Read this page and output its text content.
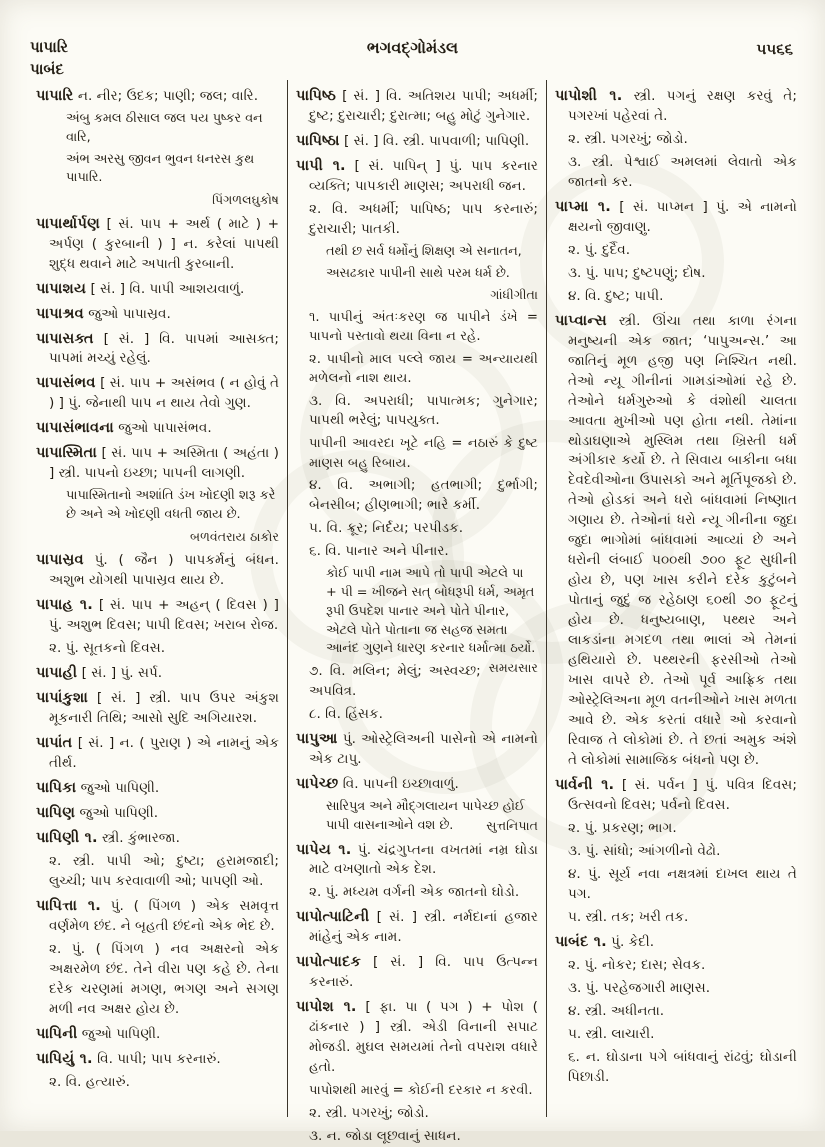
પાપારિ
પાબંદ
ભગવદ્ગોમંડલ	૫૫૬૬

પાપારિ ન. નીર; ઉદક; પાણી; જલ; વારિ.

અંબુ કમલ ઠીસાલ જલ પય પુષ્કર વન વારિ,

અંભ અરસુ જીવન ભુવન ધનરસ કુથ પાપારિ.

પિંગળલઘુકોષ

પાપાર્થાર્પણ [ સં. પાપ + અર્થ ( માટે ) + અર્પણ ( કુરબાની ) ] ન. કરેલાં પાપથી શુદ્ધ થવાને માટે અપાતી કુરબાની.

પાપાશય [ સં. ] વિ. પાપી આશયવાળું.

પાપાશ્રવ જુઓ પાપાસ્રવ.

પાપાસક્ત [ સં. ] વિ. પાપમાં આસક્ત; પાપમાં મચ્યું રહેલું.

પાપાસંભવ [ સં. પાપ + અસંભવ ( ન હોવું તે ) ] પું. જેનાથી પાપ ન થાય તેવો ગુણ.

પાપાસંભાવના જુઓ પાપાસંભવ.

પાપાસ્મિતા [ સં. પાપ + અસ્મિતા ( અહંતા ) ] સ્ત્રી. પાપનો ઇચ્છા; પાપની લાગણી.

પાપાસ્મિતાનો અશાંતિ ડંખ ખોદણી શરૂ કરે છે અને એ ખોદણી વધતી જાય છે.

બળવંતરાય ઠાકોર

પાપાસ્રવ પું. ( જૈન ) પાપકર્મનું બંધન. અશુભ યોગથી પાપાસ્રવ થાય છે.

પાપાહ ૧. [ સં. પાપ + અહન્ ( દિવસ ) ] પું. અશુભ દિવસ; પાપી દિવસ; ખરાબ રોજ.

૨. પું. સૂતકનો દિવસ.

પાપાહી [ સં. ] પું. સર્પ.

પાપાંકુશા [ સં. ] સ્ત્રી. પાપ ઉપર અંકુશ મૂકનારી તિથિ; આસો સુદિ અગિયારશ.

પાપાંત [ સં. ] ન. ( પુરાણ ) એ નામનું એક તીર્થ.

પાપિકા જુઓ પાપિણી.

પાપિણ જુઓ પાપિણી.

પાપિણી ૧. સ્ત્રી. કુંભારજા.

૨. સ્ત્રી. પાપી ઓ; દુષ્ટા; હરામજાદી; લુચ્ચી; પાપ કરવાવાળી ઓ; પાપણી ઓ.

પાપિત્તા ૧. પું. ( પિંગળ ) એક સમવૃત્ત વર્ણમેળ છંદ. ને બૃહતી છંદનો એક ભેદ છે.

૨. પું. ( પિંગળ ) નવ અક્ષરનો એક અક્ષરમેળ છંદ. તેને વીરા પણ કહે છે. તેના દરેક ચરણમાં મગણ, ભગણ અને સગણ મળી નવ અક્ષર હોય છે.

પાપિની જુઓ પાપિણી.

પાપિયું ૧. વિ. પાપી; પાપ કરનારું.

૨. વિ. હત્યારું.

પાપિષ્ઠ [ સં. ] વિ. અતિશય પાપી; અધર્મી; દુષ્ટ; દુરાચારી; દુરાત્મા; બહુ મોટું ગુનેગાર.

પાપિષ્ઠા [ સં. ] વિ. સ્ત્રી. પાપવાળી; પાપિણી.

પાપી ૧. [ સં. પાપિન્ ] પું. પાપ કરનાર વ્યક્તિ; પાપકારી માણસ; અપરાધી જન.

૨. વિ. અધર્મી; પાપિષ્ઠ; પાપ કરનારું; દુરાચારી; પાતકી.

તથી છ સર્વ ધર્મોનું શિક્ષણ એ સનાતન,

અસઢકાર પાપીની સાથે પરમ ધર્મ છે.

ગાંધીગીતા

૧. પાપીનું અંતઃકરણ જ પાપીને ડંખે = પાપનો પસ્તાવો થયા વિના ન રહે.

૨. પાપીનો માલ પલ્લે જાય = અન્યાયથી મળેલનો નાશ થાય.

૩. વિ. અપરાધી; પાપાત્મક; ગુનેગાર; પાપથી ભરેલું; પાપયુક્ત.

પાપીની આવરદા ખૂટે નહિ = નઠારું કે દુષ્ટ માણસ બહુ રિબાય.

૪. વિ. અભાગી; હતભાગી; દુર્ભાગી; બેનસીબ; હીણભાગી; ભારે કર્મી.

૫. વિ. ક્રૂર; નિર્દય; પરપીડક.

૬. વિ. પાનાર અને પીનાર.

કોઈ પાપી નામ આપે તો પાપી એટલે પા + પી = ખીજને સત્ બોધરૂપી ધર્મ, અમૃત રૂપી ઉપદેશ પાનાર અને પોતે પીનાર, એટલે પોતે પોતાના જ સહજ સમતા આનંદ ગુણને ધારણ કરનાર ધર્માત્મા ઠર્યો.
સમયસાર

૭. વિ. મલિન; મેલું; અસ્વચ્છ; અપવિત્ર.

૮. વિ. હિંસક.

પાપુઆ પું. ઓસ્ટ્રેલિઅની પાસેનો એ નામનો એક ટાપુ.

પાપેચ્છ વિ. પાપની ઇચ્છાવાળું.

સારિપુત્ર અને મૌદ્ગલાયન પાપેચ્છ હોઈ પાપી વાસનાઓને વશ છે.	સુત્તનિપાત

પાપેય ૧. પું. ચંદ્રગુપ્તના વખતમાં નમ્ર ઘોડા માટે વખણાતો એક દેશ.

૨. પું. મધ્યમ વર્ગની એક જાતનો ઘોડો.

પાપોત્પાટિની [ સં. ] સ્ત્રી. નર્મદાનાં હજાર માંહેનું એક નામ.

પાપોત્પાદક [ સં. ] વિ. પાપ ઉત્પન્ન કરનારું.

પાપોશ ૧. [ ફા. પા ( પગ ) + પોશ ( ઢાંકનાર ) ] સ્ત્રી. એડી વિનાની સપાટ મોજડી. મુઘલ સમયમાં તેનો વપરાશ વધારે હતો.

પાપોશથી મારવું = કોઈની દરકાર ન કરવી.

૨. સ્ત્રી. પગરખું; જોડો.

૩. ન. જોડા લૂછવાનું સાધન.

પાપોશી ૧. સ્ત્રી. પગનું રક્ષણ કરવું તે; પગરખાં પહેરવાં તે.

૨. સ્ત્રી. પગરખું; જોડો.

૩. સ્ત્રી. પેશ્વાઈ અમલમાં લેવાતો એક જાતનો કર.

પાપ્મા ૧. [ સં. પાપ્મન ] પું. એ નામનો ક્ષયનો જીવાણુ.

૨. પું. દુર્દૈવ.

૩. પું. પાપ; દુષ્ટપણું; દોષ.

૪. વિ. દુષ્ટ; પાપી.

પાપ્વાન્સ સ્ત્રી. ઊંચા તથા કાળા રંગના મનુષ્યની એક જાત; ‘પાપુઅન્સ.’ આ જાતિનું મૂળ હજી પણ નિશ્ચિત નથી. તેઓ ન્યૂ ગીનીનાં ગામડાંઓમાં રહે છે. તેઓને ધર્મગુરુઓ કે વંશોથી ચાલતા આવતા મુખીઓ પણ હોતા નથી. તેમાંના થોડાઘણાએ મુસ્લિમ તથા ખ્રિસ્તી ધર્મ અંગીકાર કર્યો છે. તે સિવાય બાકીના બધા દેવદેવીઓના ઉપાસકો અને મૂર્તિપૂજકો છે. તેઓ હોડકાં અને ધરો બાંધવામાં નિષ્ણાત ગણાય છે. તેઓનાં ધરો ન્યૂ ગીનીના જુદા જુદા ભાગોમાં બાંધવામાં આવ્યાં છે અને ધરોની લંબાઈ ૫૦૦થી ૭૦૦ ફૂટ સુધીની હોય છે, પણ ખાસ કરીને દરેક કુટુંબને પોતાનું જુદું જ રહેઠાણ ૬૦થી ૭૦ ફૂટનું હોય છે. ધનુષ્યબાણ, પથ્થર અને લાકડાંના મગદળ તથા ભાલાં એ તેમનાં હથિયારો છે. પથ્થરની ફરસીઓ તેઓ ખાસ વાપરે છે. તેઓ પૂર્વ આફ્રિક તથા ઓસ્ટ્રેલિઅના મૂળ વતનીઓને ખાસ મળતા આવે છે. એક કરતાં વધારે ઓ કરવાનો રિવાજ તે લોકોમાં છે. તે છતાં અમુક અંશે તે લોકોમાં સામાજિક બંધનો પણ છે.

પાર્વની ૧. [ સં. પર્વન ] પું. પવિત્ર દિવસ; ઉત્સવનો દિવસ; પર્વનો દિવસ.

૨. પું. પ્રકરણ; ભાગ.

૩. પું. સાંધો; આંગળીનો વેઢો.

૪. પું. સૂર્ય નવા નક્ષત્રમાં દાખલ થાય તે પગ.

૫. સ્ત્રી. તક; ખરી તક.

પાબંદ ૧. પું. કેદી.

૨. પું. નોકર; દાસ; સેવક.

૩. પું. પરહેજગારી માણસ.

૪. સ્ત્રી. અધીનતા.

૫. સ્ત્રી. લાચારી.

૬. ન. ઘોડાના પગે બાંધવાનું રાંઢવું; ઘોડાની પિછાડી.
